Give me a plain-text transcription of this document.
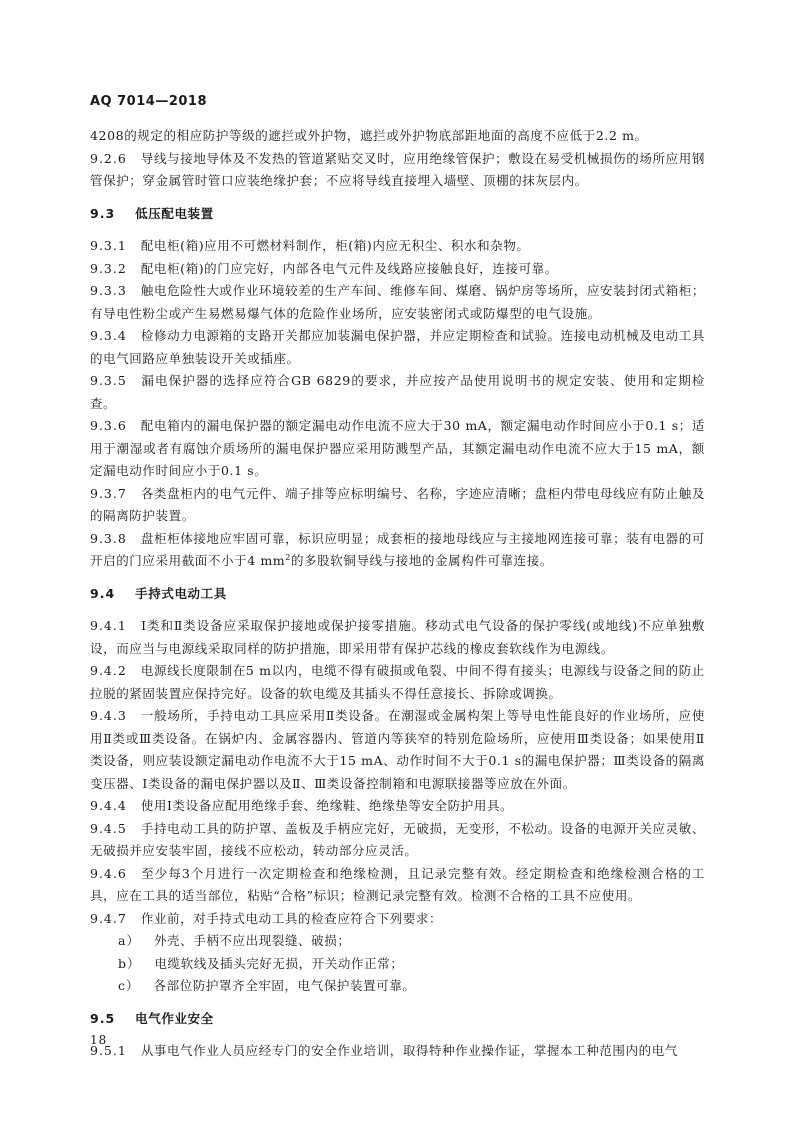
AQ 7014—2018

4208的规定的相应防护等级的遮拦或外护物，遮拦或外护物底部距地面的高度不应低于2.2 m。

9.2.6 导线与接地导体及不发热的管道紧贴交叉时，应用绝缘管保护；敷设在易受机械损伤的场所应用钢管保护；穿金属管时管口应装绝缘护套；不应将导线直接埋入墙壁、顶棚的抹灰层内。

9.3 低压配电装置

9.3.1 配电柜(箱)应用不可燃材料制作，柜(箱)内应无积尘、积水和杂物。

9.3.2 配电柜(箱)的门应完好，内部各电气元件及线路应接触良好，连接可靠。

9.3.3 触电危险性大或作业环境较差的生产车间、维修车间、煤磨、锅炉房等场所，应安装封闭式箱柜；有导电性粉尘或产生易燃易爆气体的危险作业场所，应安装密闭式或防爆型的电气设施。

9.3.4 检修动力电源箱的支路开关都应加装漏电保护器，并应定期检查和试验。连接电动机械及电动工具的电气回路应单独装设开关或插座。

9.3.5 漏电保护器的选择应符合GB 6829的要求，并应按产品使用说明书的规定安装、使用和定期检查。

9.3.6 配电箱内的漏电保护器的额定漏电动作电流不应大于30 mA，额定漏电动作时间应小于0.1 s；适用于潮湿或者有腐蚀介质场所的漏电保护器应采用防溅型产品，其额定漏电动作电流不应大于15 mA，额定漏电动作时间应小于0.1 s。

9.3.7 各类盘柜内的电气元件、端子排等应标明编号、名称，字迹应清晰；盘柜内带电母线应有防止触及的隔离防护装置。

9.3.8 盘柜柜体接地应牢固可靠，标识应明显；成套柜的接地母线应与主接地网连接可靠；装有电器的可开启的门应采用截面不小于4 $mm^2$的多股软铜导线与接地的金属构件可靠连接。

9.4 手持式电动工具

9.4.1 Ⅰ类和Ⅱ类设备应采取保护接地或保护接零措施。移动式电气设备的保护零线(或地线)不应单独敷设，而应当与电源线采取同样的防护措施，即采用带有保护芯线的橡皮套软线作为电源线。

9.4.2 电源线长度限制在5 m以内，电缆不得有破损或龟裂、中间不得有接头；电源线与设备之间的防止拉脱的紧固装置应保持完好。设备的软电缆及其插头不得任意接长、拆除或调换。

9.4.3 一般场所，手持电动工具应采用Ⅱ类设备。在潮湿或金属构架上等导电性能良好的作业场所，应使用Ⅱ类或Ⅲ类设备。在锅炉内、金属容器内、管道内等狭窄的特别危险场所，应使用Ⅲ类设备；如果使用Ⅱ类设备，则应装设额定漏电动作电流不大于15 mA、动作时间不大于0.1 s的漏电保护器；Ⅲ类设备的隔离变压器、Ⅰ类设备的漏电保护器以及Ⅱ、Ⅲ类设备控制箱和电源联接器等应放在外面。

9.4.4 使用Ⅰ类设备应配用绝缘手套、绝缘鞋、绝缘垫等安全防护用具。

9.4.5 手持电动工具的防护罩、盖板及手柄应完好，无破损，无变形，不松动。设备的电源开关应灵敏、无破损并应安装牢固，接线不应松动，转动部分应灵活。

9.4.6 至少每3个月进行一次定期检查和绝缘检测，且记录完整有效。经定期检查和绝缘检测合格的工具，应在工具的适当部位，粘贴“合格”标识；检测记录完整有效。检测不合格的工具不应使用。

9.4.7 作业前，对手持式电动工具的检查应符合下列要求：

a） 外壳、手柄不应出现裂缝、破损；
b） 电缆软线及插头完好无损，开关动作正常；
c） 各部位防护罩齐全牢固，电气保护装置可靠。
9.5 电气作业安全

9.5.1 从事电气作业人员应经专门的安全作业培训，取得特种作业操作证，掌握本工种范围内的电气

18
